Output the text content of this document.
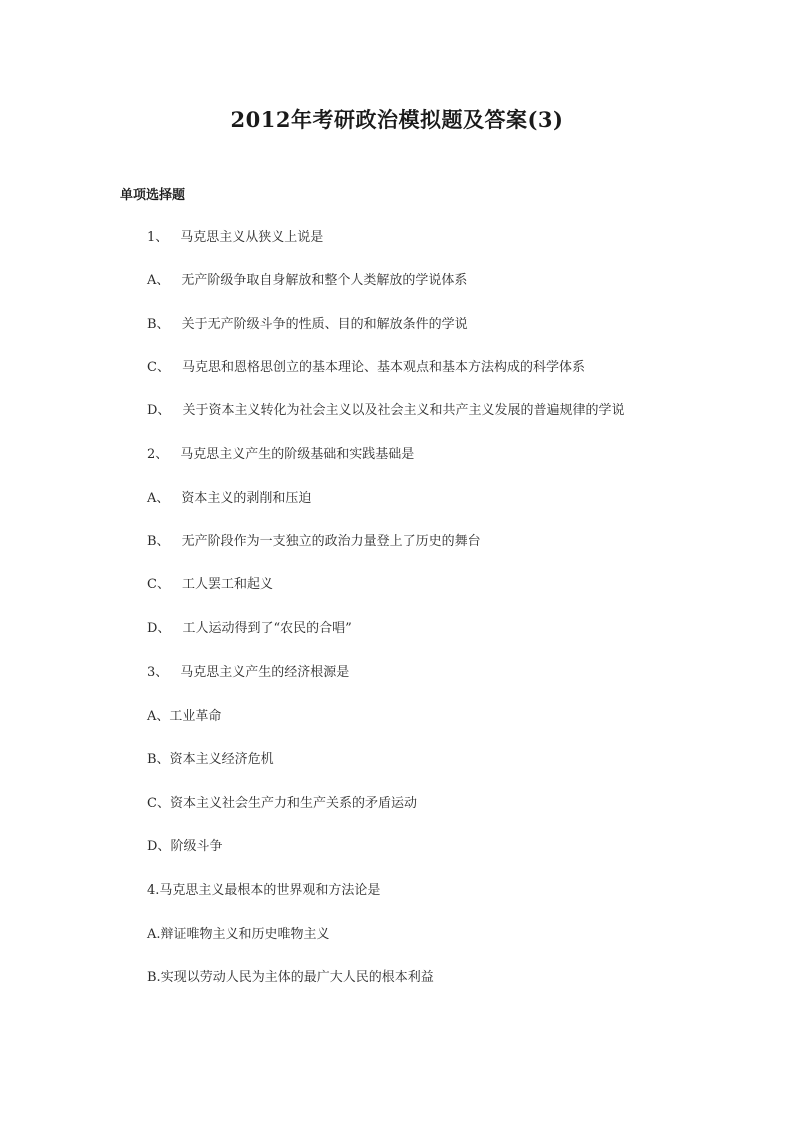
2012年考研政治模拟题及答案(3)
单项选择题
1、 马克思主义从狭义上说是
A、 无产阶级争取自身解放和整个人类解放的学说体系
B、 关于无产阶级斗争的性质、目的和解放条件的学说
C、 马克思和恩格思创立的基本理论、基本观点和基本方法构成的科学体系
D、 关于资本主义转化为社会主义以及社会主义和共产主义发展的普遍规律的学说
2、 马克思主义产生的阶级基础和实践基础是
A、 资本主义的剥削和压迫
B、 无产阶段作为一支独立的政治力量登上了历史的舞台
C、 工人罢工和起义
D、 工人运动得到了“农民的合唱”
3、 马克思主义产生的经济根源是
A、工业革命
B、资本主义经济危机
C、资本主义社会生产力和生产关系的矛盾运动
D、阶级斗争
4.马克思主义最根本的世界观和方法论是
A.辩证唯物主义和历史唯物主义
B.实现以劳动人民为主体的最广大人民的根本利益
